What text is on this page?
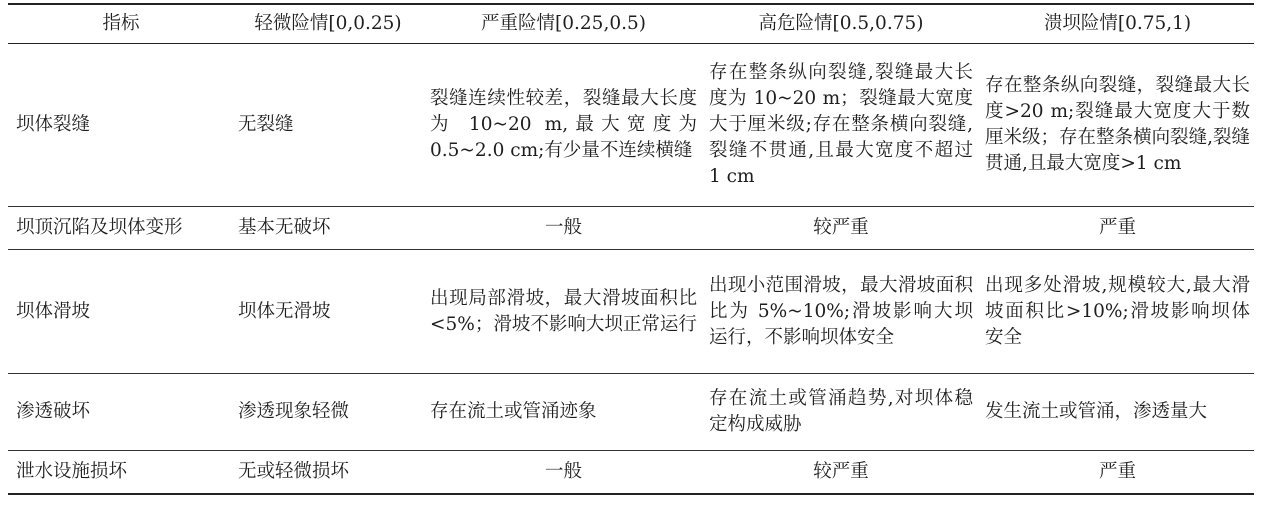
指标	轻微险情[0,0.25)	严重险情[0.25,0.5)	高危险情[0.5,0.75)	溃坝险情[0.75,1)
坝体裂缝	无裂缝	裂缝连续性较差，裂缝最大长度为 10~20 m,最大宽度为 0.5~2.0 cm;有少量不连续横缝	存在整条纵向裂缝,裂缝最大长度为 10~20 m；裂缝最大宽度大于厘米级;存在整条横向裂缝,裂缝不贯通,且最大宽度不超过 1 cm	存在整条纵向裂缝，裂缝最大长度>20 m;裂缝最大宽度大于数厘米级；存在整条横向裂缝,裂缝贯通,且最大宽度>1 cm
坝顶沉陷及坝体变形	基本无破坏	一般	较严重	严重
坝体滑坡	坝体无滑坡	出现局部滑坡，最大滑坡面积比<5%；滑坡不影响大坝正常运行	出现小范围滑坡，最大滑坡面积比为 5%~10%;滑坡影响大坝运行，不影响坝体安全	出现多处滑坡,规模较大,最大滑坡面积比>10%;滑坡影响坝体安全
渗透破坏	渗透现象轻微	存在流土或管涌迹象	存在流土或管涌趋势,对坝体稳定构成威胁	发生流土或管涌，渗透量大
泄水设施损坏	无或轻微损坏	一般	较严重	严重
